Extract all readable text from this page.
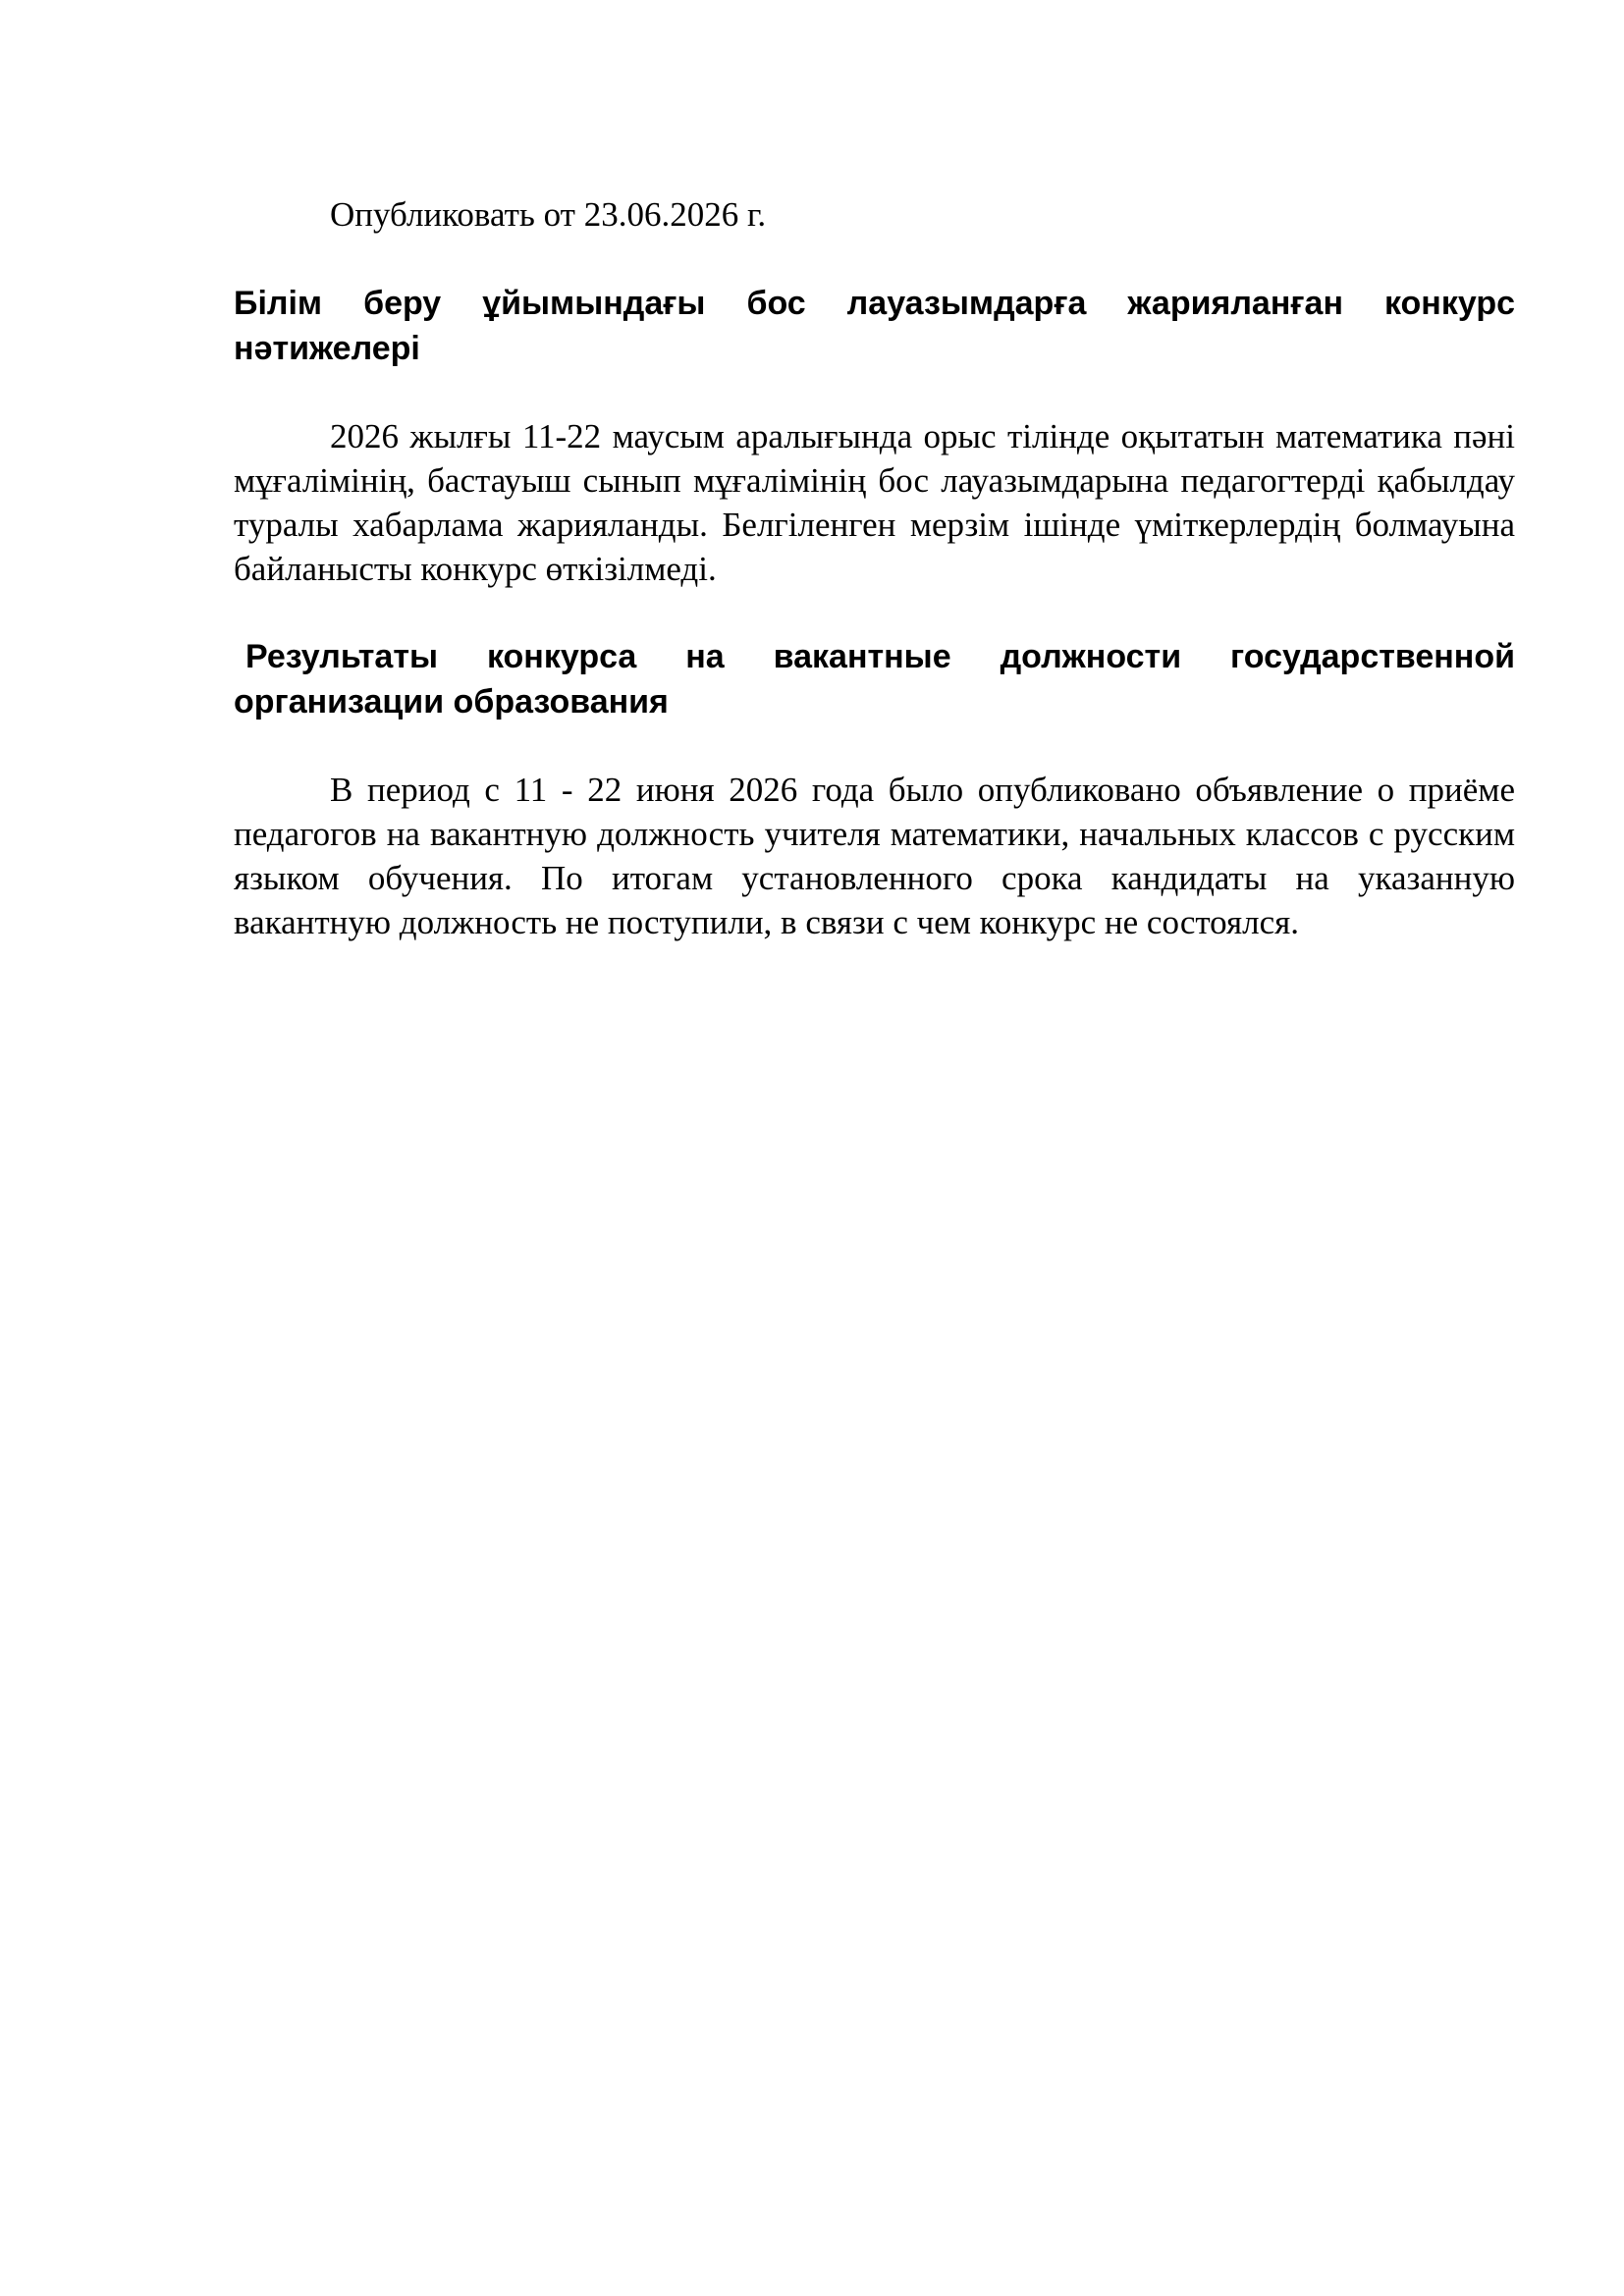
Опубликовать от 23.06.2026 г.

Білім беру ұйымындағы бос лауазымдарға жарияланған конкурс нәтижелері

2026 жылғы 11-22 маусым аралығында орыс тілінде оқытатын математика пәні мұғалімінің, бастауыш сынып мұғалімінің бос лауазымдарына педагогтерді қабылдау туралы хабарлама жарияланды. Белгіленген мерзім ішінде үміткерлердің болмауына байланысты конкурс өткізілмеді.

Результаты конкурса на вакантные должности государственной организации образования

В период с 11 - 22 июня 2026 года было опубликовано объявление о приёме педагогов на вакантную должность учителя математики, начальных классов с русским языком обучения. По итогам установленного срока кандидаты на указанную вакантную должность не поступили, в связи с чем конкурс не состоялся.
